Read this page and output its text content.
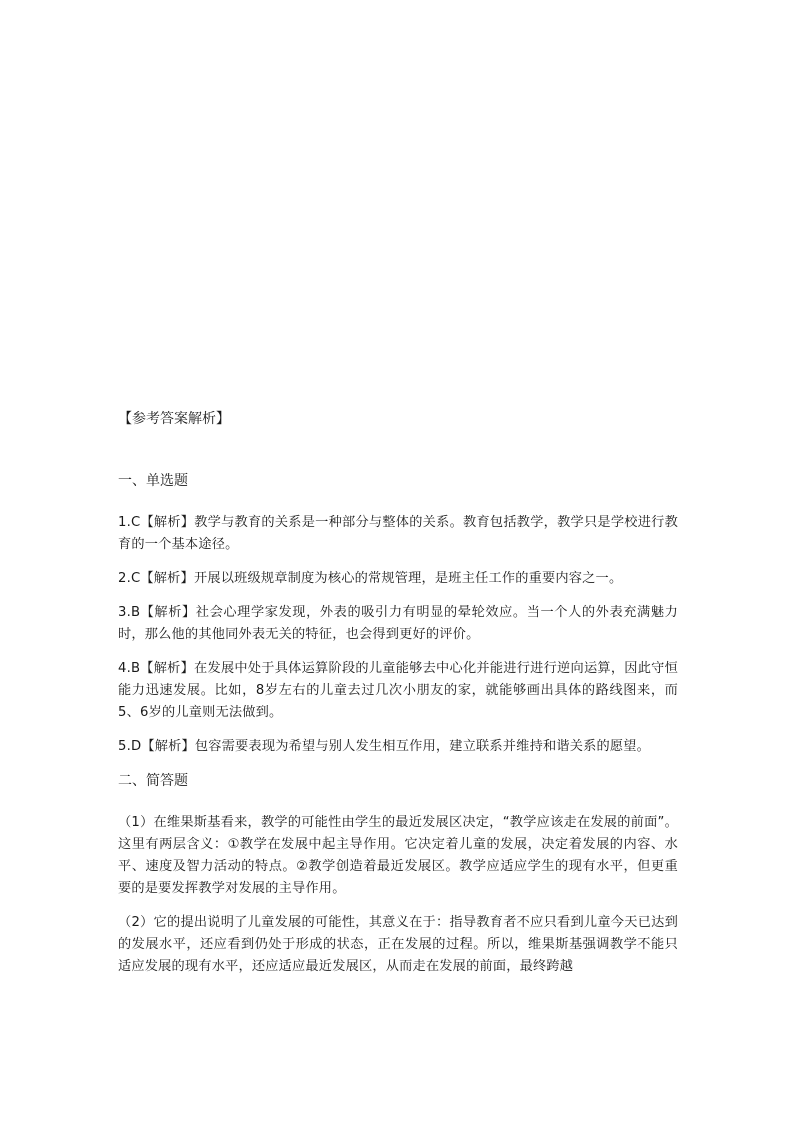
【参考答案解析】

一、单选题

1.C【解析】教学与教育的关系是一种部分与整体的关系。教育包括教学，教学只是学校进行教育的一个基本途径。

2.C【解析】开展以班级规章制度为核心的常规管理，是班主任工作的重要内容之一。

3.B【解析】社会心理学家发现，外表的吸引力有明显的晕轮效应。当一个人的外表充满魅力时，那么他的其他同外表无关的特征，也会得到更好的评价。

4.B【解析】在发展中处于具体运算阶段的儿童能够去中心化并能进行进行逆向运算，因此守恒能力迅速发展。比如，8岁左右的儿童去过几次小朋友的家，就能够画出具体的路线图来，而5、6岁的儿童则无法做到。

5.D【解析】包容需要表现为希望与别人发生相互作用，建立联系并维持和谐关系的愿望。

二、简答题

（1）在维果斯基看来，教学的可能性由学生的最近发展区决定，“教学应该走在发展的前面”。这里有两层含义：①教学在发展中起主导作用。它决定着儿童的发展，决定着发展的内容、水平、速度及智力活动的特点。②教学创造着最近发展区。教学应适应学生的现有水平，但更重要的是要发挥教学对发展的主导作用。

（2）它的提出说明了儿童发展的可能性，其意义在于：指导教育者不应只看到儿童今天已达到的发展水平，还应看到仍处于形成的状态，正在发展的过程。所以，维果斯基强调教学不能只适应发展的现有水平，还应适应最近发展区，从而走在发展的前面，最终跨越
